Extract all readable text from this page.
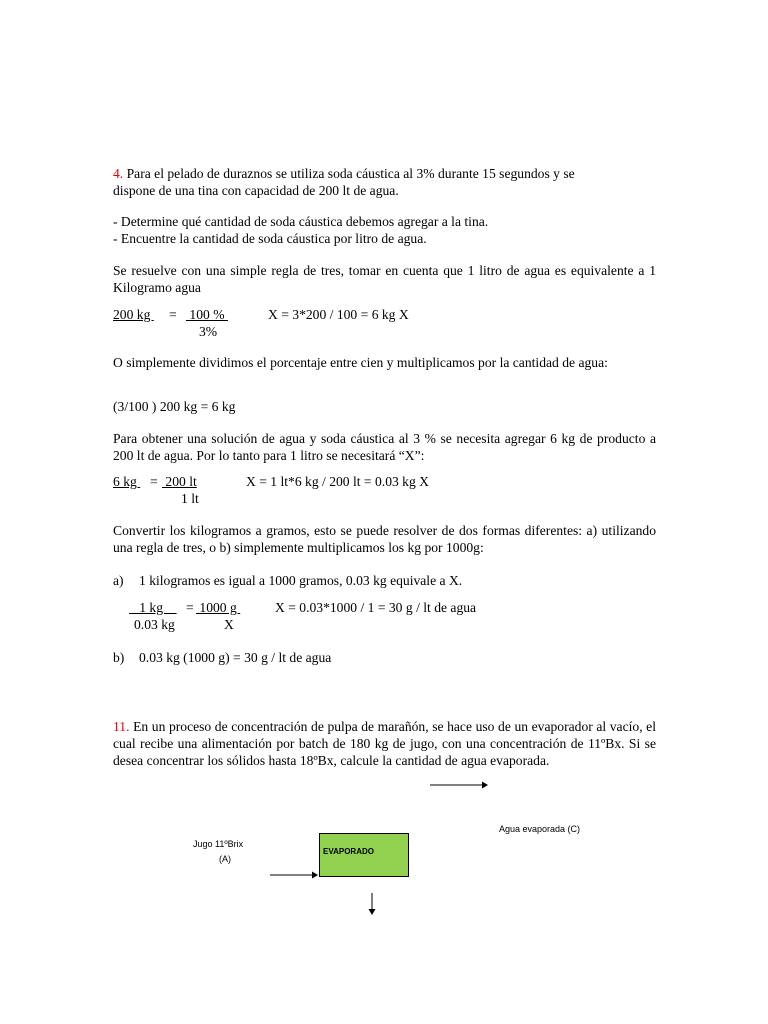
4. Para el pelado de duraznos se utiliza soda cáustica al 3% durante 15 segundos y se
dispone de una tina con capacidad de 200 lt de agua.

- Determine qué cantidad de soda cáustica debemos agregar a la tina.

- Encuentre la cantidad de soda cáustica por litro de agua.

Se resuelve con una simple regla de tres, tomar en cuenta que 1 litro de agua es equivalente a 1 Kilogramo agua

200 kg = 100 %
3%
X = 3*200 / 100 = 6 kg X

O simplemente dividimos el porcentaje entre cien y multiplicamos por la cantidad de agua:

(3/100 ) 200 kg = 6 kg

Para obtener una solución de agua y soda cáustica al 3 % se necesita agregar 6 kg de producto a 200 lt de agua. Por lo tanto para 1 litro se necesitará “X”:

6 kg = 200 lt
1 lt
X = 1 lt*6 kg / 200 lt = 0.03 kg X

Convertir los kilogramos a gramos, esto se puede resolver de dos formas diferentes: a) utilizando una regla de tres, o b) simplemente multiplicamos los kg por 1000g:

a) 1 kilogramos es igual a 1000 gramos, 0.03 kg equivale a X.
1 kg = 1000 g	X = 0.03*1000 / 1 = 30 g / lt de agua
0.03 kg	X
b) 0.03 kg (1000 g) = 30 g / lt de agua

11. En un proceso de concentración de pulpa de marañón, se hace uso de un evaporador al vacío, el cual recibe una alimentación por batch de 180 kg de jugo, con una concentración de 11ºBx. Si se desea concentrar los sólidos hasta 18ºBx, calcule la cantidad de agua evaporada.

Agua evaporada (C)
Jugo 11ºBrix
(A)
EVAPORADO
